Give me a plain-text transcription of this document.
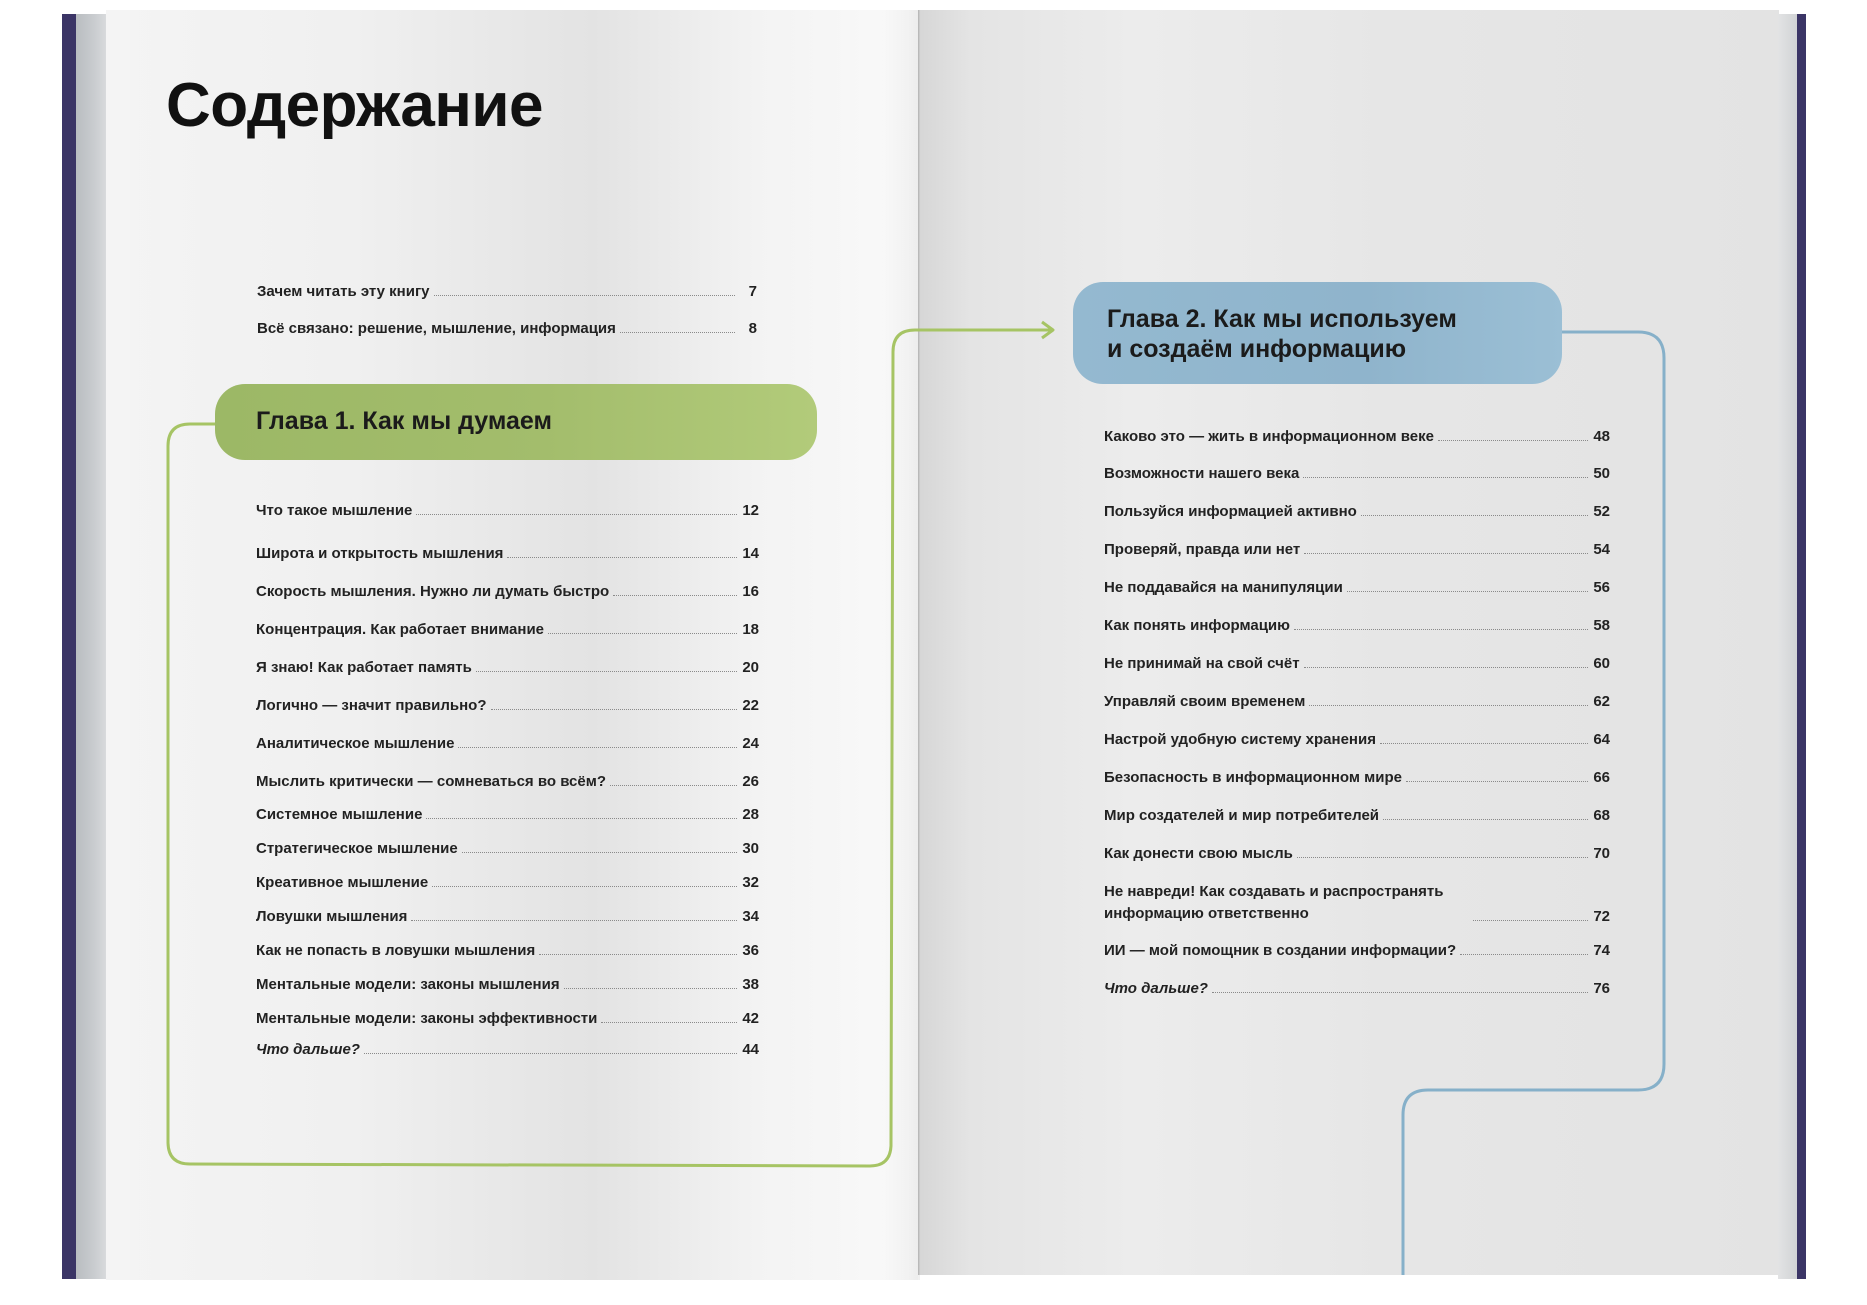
Содержание
Зачем читать эту книгу	7
Всё связано: решение, мышление, информация	8
Глава 1. Как мы думаем
Что такое мышление	12
Широта и открытость мышления	14
Скорость мышления. Нужно ли думать быстро	16
Концентрация. Как работает внимание	18
Я знаю! Как работает память	20
Логично — значит правильно?	22
Аналитическое мышление	24
Мыслить критически — сомневаться во всём?	26
Системное мышление	28
Стратегическое мышление	30
Креативное мышление	32
Ловушки мышления	34
Как не попасть в ловушки мышления	36
Ментальные модели: законы мышления	38
Ментальные модели: законы эффективности	42
Что дальше?	44
Глава 2. Как мы используем
и создаём информацию
Каково это — жить в информационном веке	48
Возможности нашего века	50
Пользуйся информацией активно	52
Проверяй, правда или нет	54
Не поддавайся на манипуляции	56
Как понять информацию	58
Не принимай на свой счёт	60
Управляй своим временем	62
Настрой удобную систему хранения	64
Безопасность в информационном мире	66
Мир создателей и мир потребителей	68
Как донести свою мысль	70
Не навреди! Как создавать и распространять информацию ответственно	72
ИИ — мой помощник в создании информации?	74
Что дальше?	76
